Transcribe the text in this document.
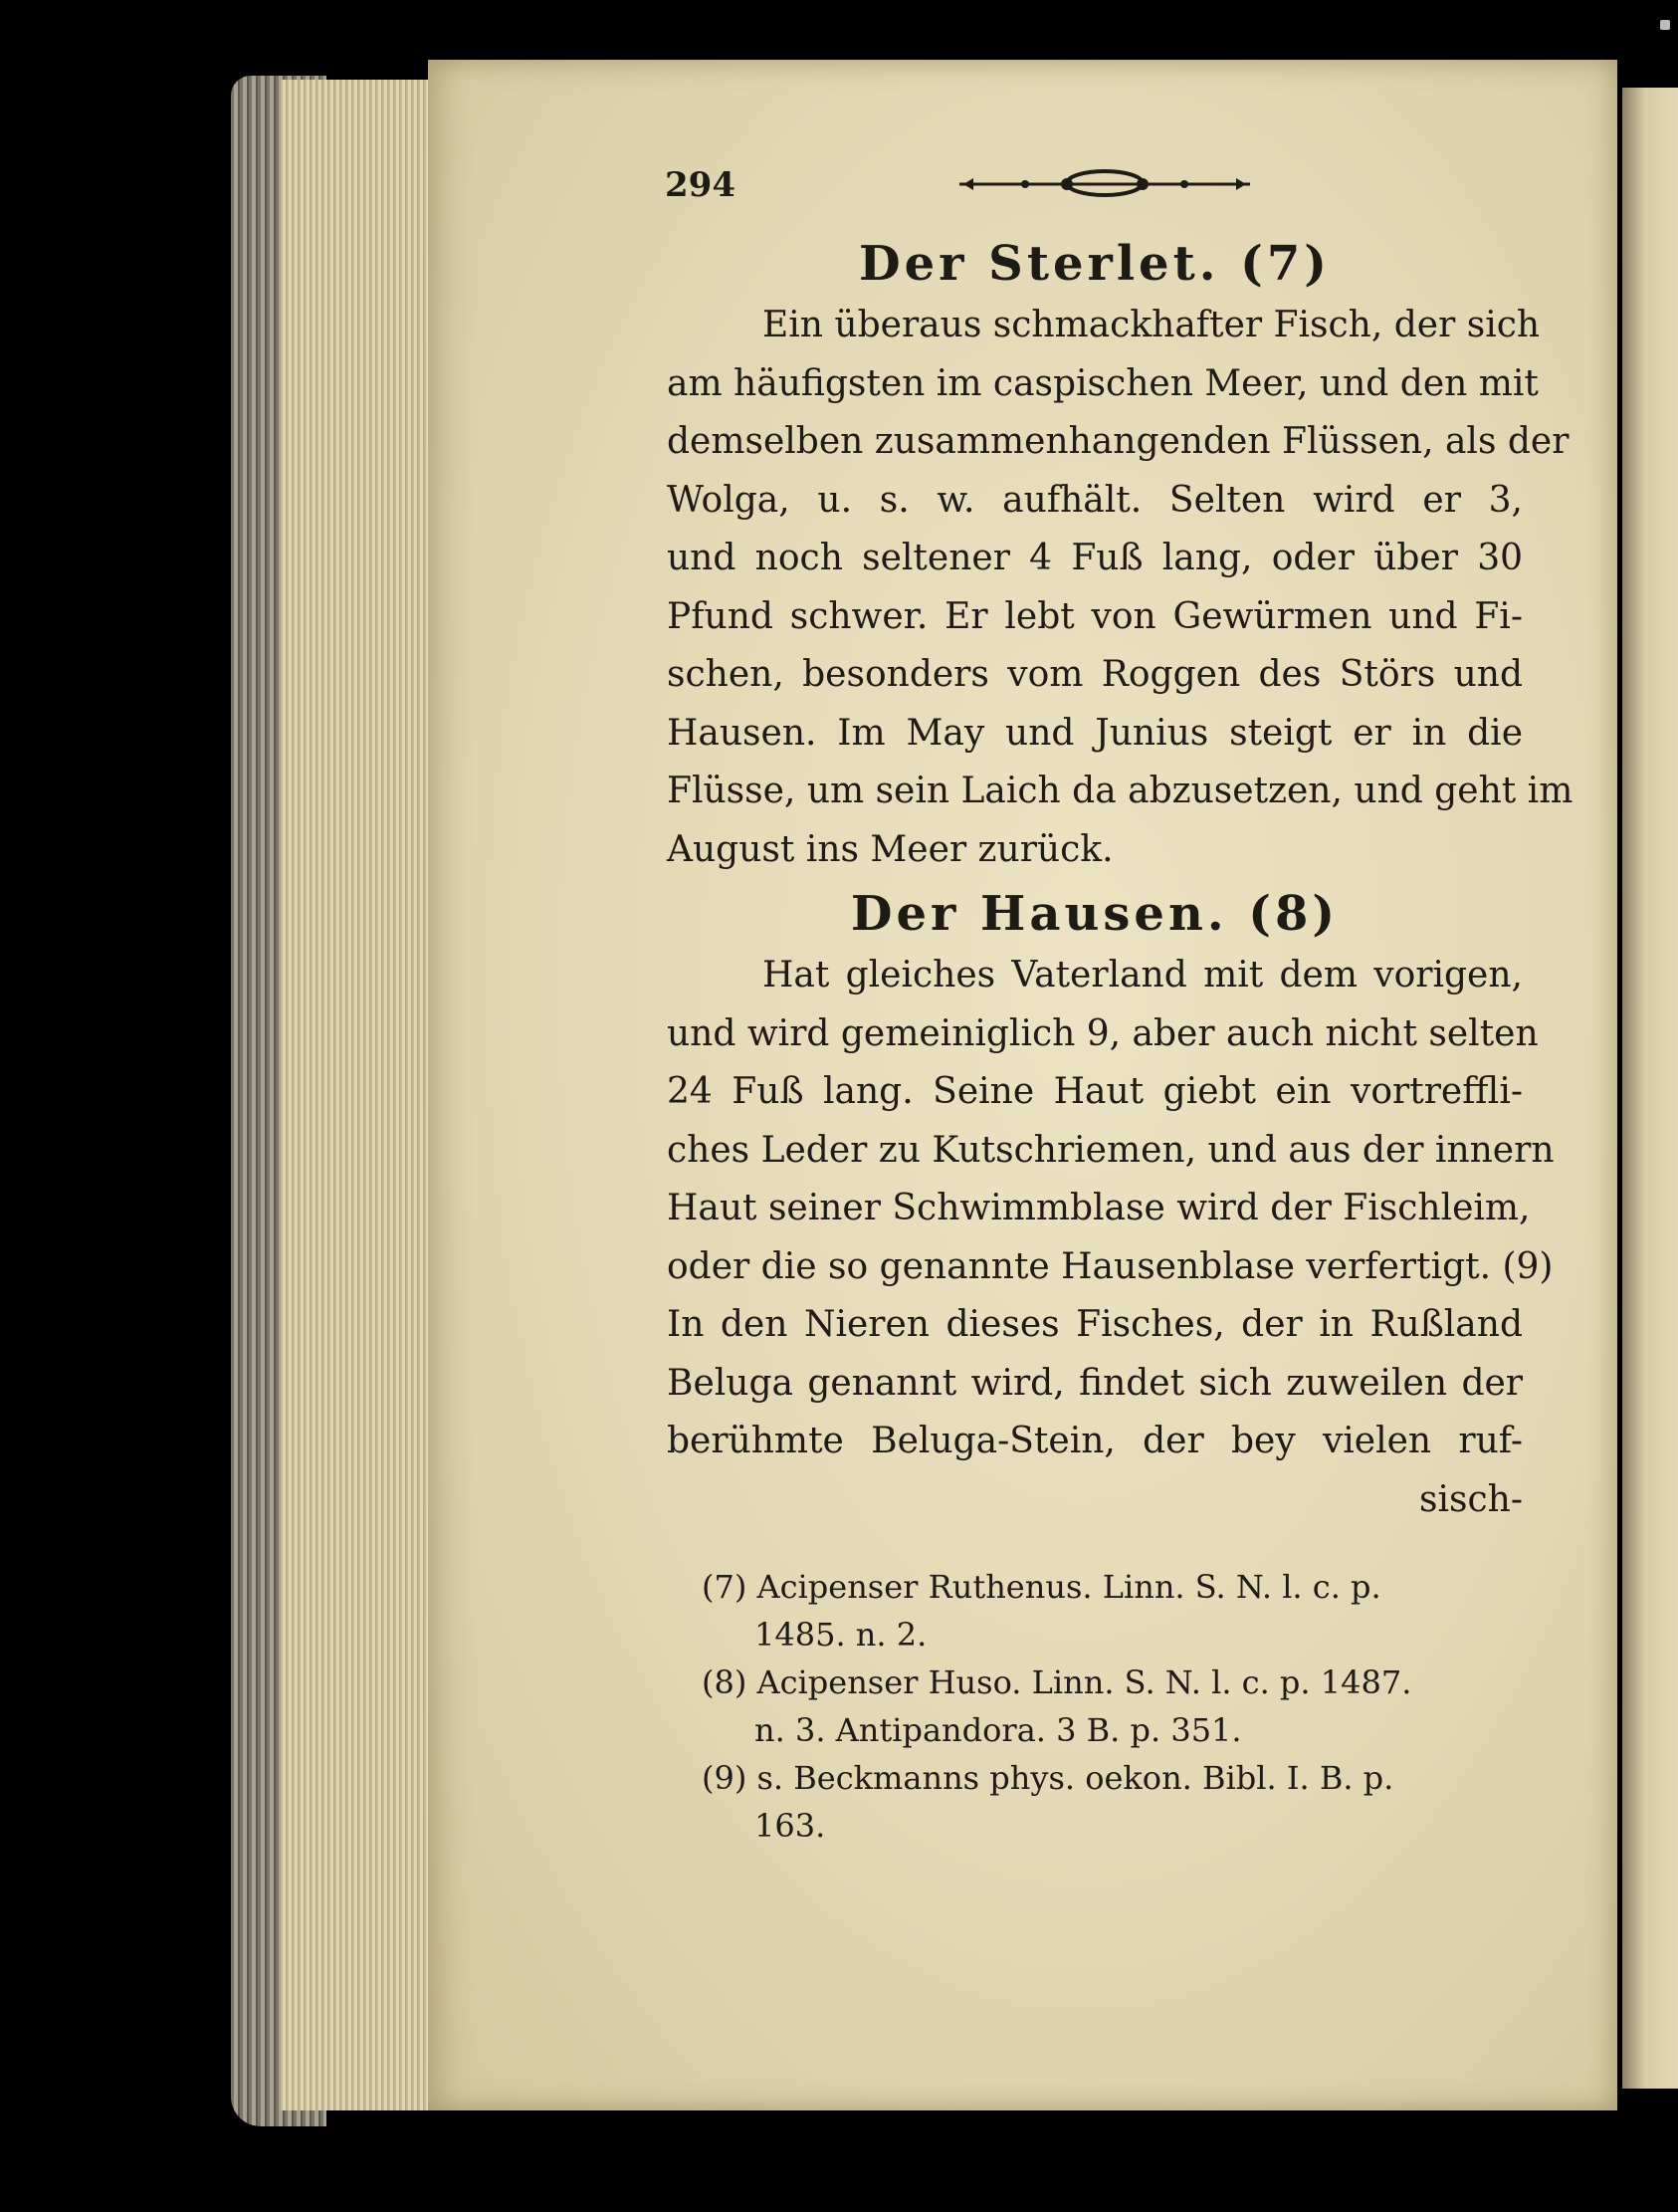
294
Der Sterlet. (7)

Ein überaus schmackhafter Fisch, der sich
am häufigsten im caspischen Meer, und den mit
demselben zusammenhangenden Flüssen, als der
Wolga, u. s. w. aufhält. Selten wird er 3,
und noch seltener 4 Fuß lang, oder über 30
Pfund schwer. Er lebt von Gewürmen und Fi-
schen, besonders vom Roggen des Störs und
Hausen. Im May und Junius steigt er in die
Flüsse, um sein Laich da abzusetzen, und geht im
August ins Meer zurück.

Der Hausen. (8)

Hat gleiches Vaterland mit dem vorigen,
und wird gemeiniglich 9, aber auch nicht selten
24 Fuß lang. Seine Haut giebt ein vortreffli-
ches Leder zu Kutschriemen, und aus der innern
Haut seiner Schwimmblase wird der Fischleim,
oder die so genannte Hausenblase verfertigt. (9)
In den Nieren dieses Fisches, der in Rußland
Beluga genannt wird, findet sich zuweilen der
berühmte Beluga-Stein, der bey vielen ruf-
sisch-

(7) Acipenser Ruthenus. Linn. S. N. l. c. p.
1485. n. 2.
(8) Acipenser Huso. Linn. S. N. l. c. p. 1487.
n. 3. Antipandora. 3 B. p. 351.
(9) s. Beckmanns phys. oekon. Bibl. I. B. p.
163.
